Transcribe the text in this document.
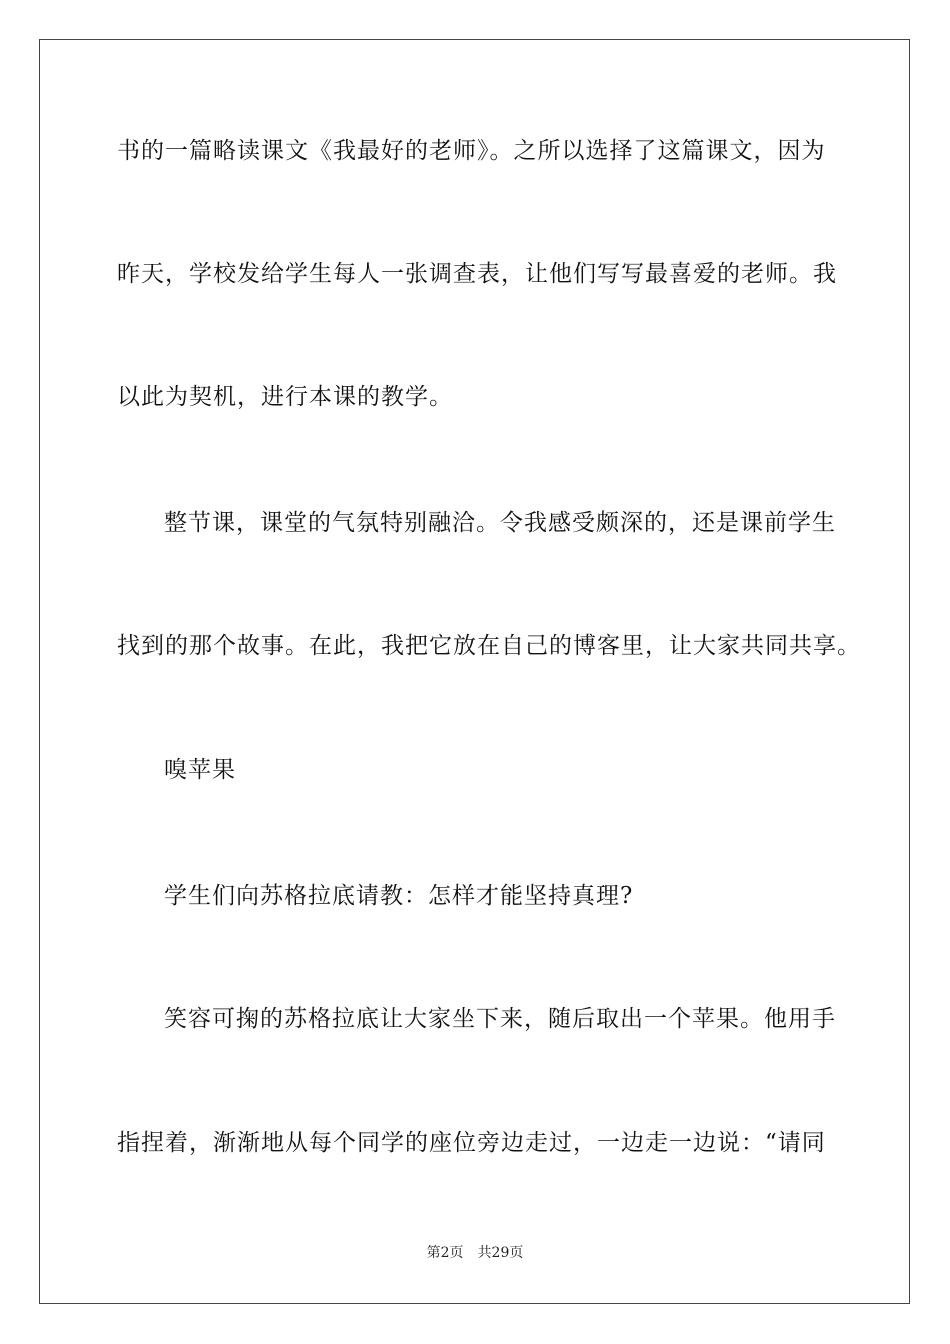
书的一篇略读课文《我最好的老师》。之所以选择了这篇课文，因为
昨天，学校发给学生每人一张调查表，让他们写写最喜爱的老师。我
以此为契机，进行本课的教学。
整节课，课堂的气氛特别融洽。令我感受颇深的，还是课前学生
找到的那个故事。在此，我把它放在自己的博客里，让大家共同共享。
嗅苹果
学生们向苏格拉底请教：怎样才能坚持真理?
笑容可掬的苏格拉底让大家坐下来，随后取出一个苹果。他用手
指捏着，渐渐地从每个同学的座位旁边走过，一边走一边说：“请同
第2页 共29页
